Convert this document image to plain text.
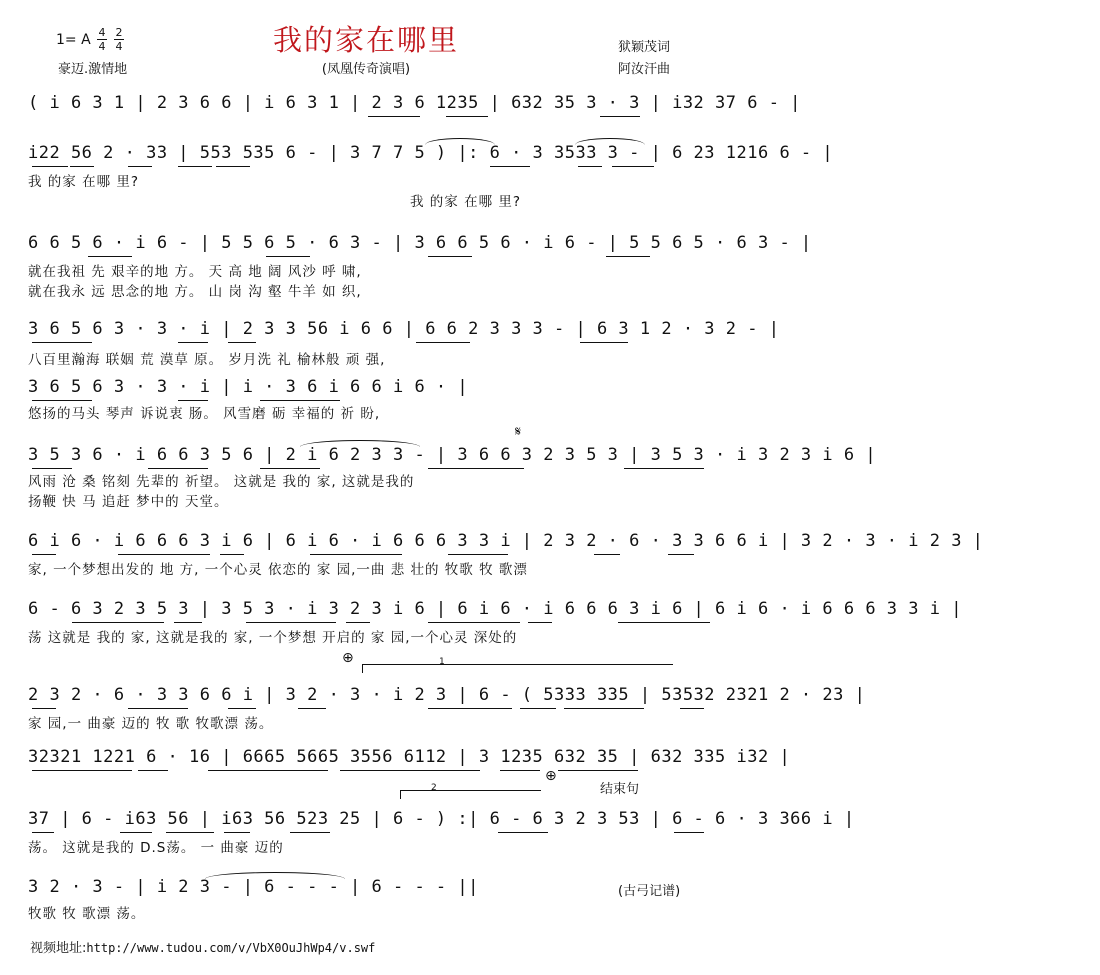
1= A 4
4
2
4	我的家在哪里
豪迈.激情地	(凤凰传奇演唱)
狱颖茂词
阿汝汗曲
( i 6 3 1 | 2 3 6 6 | i 6 3 1 | 2 3 6 1235 | 632 35 3 · 3 | i32 37 6 - |
i22 56 2 · 33 | 553 535 6 - | 3 7 7 5 ) |: 6 · 3 3533 3 - | 6 23 1216 6 - |
我 的家 在哪 里?
我 的家 在哪 里?
6 6 5 6 · i 6 - | 5 5 6 5 · 6 3 - | 3 6 6 5 6 · i 6 - | 5 5 6 5 · 6 3 - |
就在我祖 先 艰辛的地 方。 天 高 地 阔 风沙 呼 啸,
就在我永 远 思念的地 方。 山 岗 沟 壑 牛羊 如 织,
3 6 5 6 3 · 3 · i | 2 3 3 56 i 6 6 | 6 6 2 3 3 3 - | 6 3 1 2 · 3 2 - |
八百里瀚海 联姻 荒 漠草 原。 岁月洗 礼 榆林般 顽 强,
3 6 5 6 3 · 3 · i | i · 3 6 i 6 6 i 6 · |
悠扬的马头 琴声 诉说衷 肠。 风雪磨 砺 幸福的 祈 盼,
3 5 3 6 · i 6 6 3 5 6 | 2 i 6 2 3 3 - | 3 6 6 3 2 3 5 3 | 3 5 3 · i 3 2 3 i 6 |
𝄋
风雨 沧 桑 铭刻 先辈的 祈望。 这就是 我的 家, 这就是我的
扬鞭 快 马 追赶 梦中的 天堂。
6 i 6 · i 6 6 6 3 i 6 | 6 i 6 · i 6 6 6 3 3 i | 2 3 2 · 6 · 3 3 6 6 i | 3 2 · 3 · i 2 3 |
家, 一个梦想出发的 地 方, 一个心灵 依恋的 家 园,一曲 悲 壮的 牧歌 牧 歌漂
6 - 6 3 2 3 5 3 | 3 5 3 · i 3 2 3 i 6 | 6 i 6 · i 6 6 6 3 i 6 | 6 i 6 · i 6 6 6 3 3 i |
荡 这就是 我的 家, 这就是我的 家, 一个梦想 开启的 家 园,一个心灵 深处的
⊕	1
2 3 2 · 6 · 3 3 6 6 i | 3 2 · 3 · i 2 3 | 6 - ( 5333 335 | 53532 2321 2 · 23 |
家 园,一 曲豪 迈的 牧 歌 牧歌漂 荡。
32321 1221 6 · 16 | 6665 5665 3556 6112 | 3 1235 632 35 | 632 335 i32 |
2
⊕
结束句
37 | 6 - i63 56 | i63 56 523 25 | 6 - ) :| 6 - 6 3 2 3 53 | 6 - 6 · 3 366 i |
荡。 这就是我的 D.S荡。 一 曲豪 迈的
3 2 · 3 - | i 2 3 - | 6 - - - | 6 - - - ||
牧歌 牧 歌漂 荡。
(古弓记谱)
视频地址:http://www.tudou.com/v/VbX0OuJhWp4/v.swf
